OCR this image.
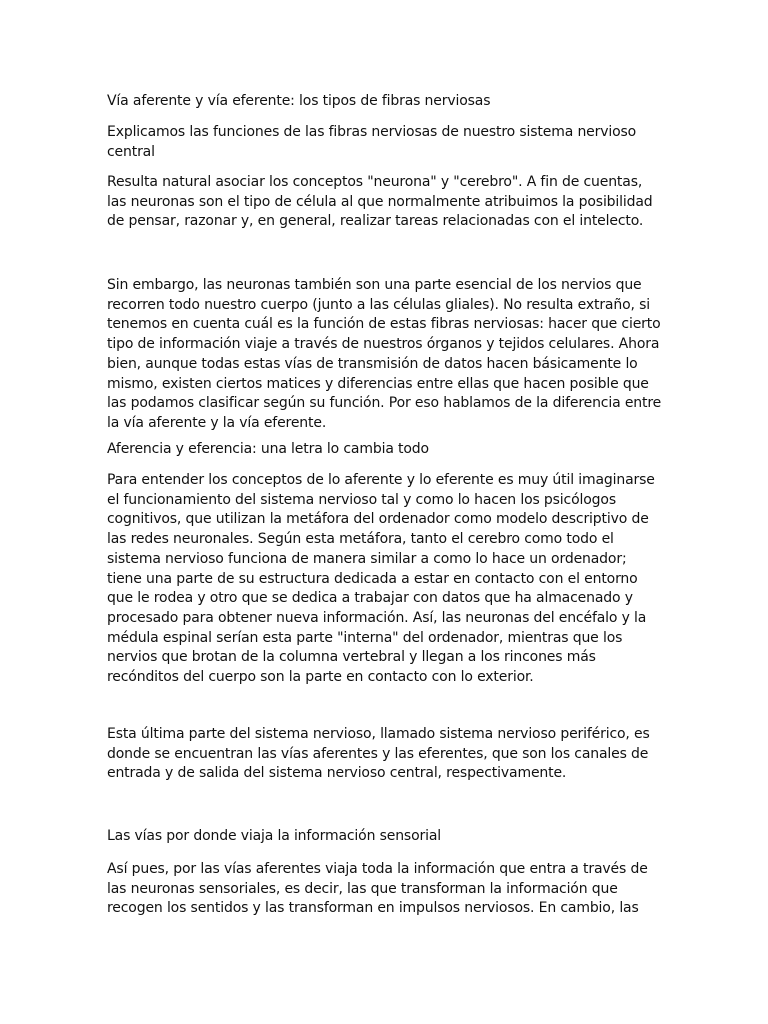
Vía aferente y vía eferente: los tipos de fibras nerviosas

Explicamos las funciones de las fibras nerviosas de nuestro sistema nervioso central

Resulta natural asociar los conceptos "neurona" y "cerebro". A fin de cuentas, las neuronas son el tipo de célula al que normalmente atribuimos la posibilidad de pensar, razonar y, en general, realizar tareas relacionadas con el intelecto.

Sin embargo, las neuronas también son una parte esencial de los nervios que recorren todo nuestro cuerpo (junto a las células gliales). No resulta extraño, si tenemos en cuenta cuál es la función de estas fibras nerviosas: hacer que cierto tipo de información viaje a través de nuestros órganos y tejidos celulares. Ahora bien, aunque todas estas vías de transmisión de datos hacen básicamente lo mismo, existen ciertos matices y diferencias entre ellas que hacen posible que las podamos clasificar según su función. Por eso hablamos de la diferencia entre la vía aferente y la vía eferente.

Aferencia y eferencia: una letra lo cambia todo

Para entender los conceptos de lo aferente y lo eferente es muy útil imaginarse el funcionamiento del sistema nervioso tal y como lo hacen los psicólogos cognitivos, que utilizan la metáfora del ordenador como modelo descriptivo de las redes neuronales. Según esta metáfora, tanto el cerebro como todo el sistema nervioso funciona de manera similar a como lo hace un ordenador; tiene una parte de su estructura dedicada a estar en contacto con el entorno que le rodea y otro que se dedica a trabajar con datos que ha almacenado y procesado para obtener nueva información. Así, las neuronas del encéfalo y la médula espinal serían esta parte "interna" del ordenador, mientras que los nervios que brotan de la columna vertebral y llegan a los rincones más recónditos del cuerpo son la parte en contacto con lo exterior.

Esta última parte del sistema nervioso, llamado sistema nervioso periférico, es donde se encuentran las vías aferentes y las eferentes, que son los canales de entrada y de salida del sistema nervioso central, respectivamente.

Las vías por donde viaja la información sensorial

Así pues, por las vías aferentes viaja toda la información que entra a través de las neuronas sensoriales, es decir, las que transforman la información que recogen los sentidos y las transforman en impulsos nerviosos. En cambio, las
